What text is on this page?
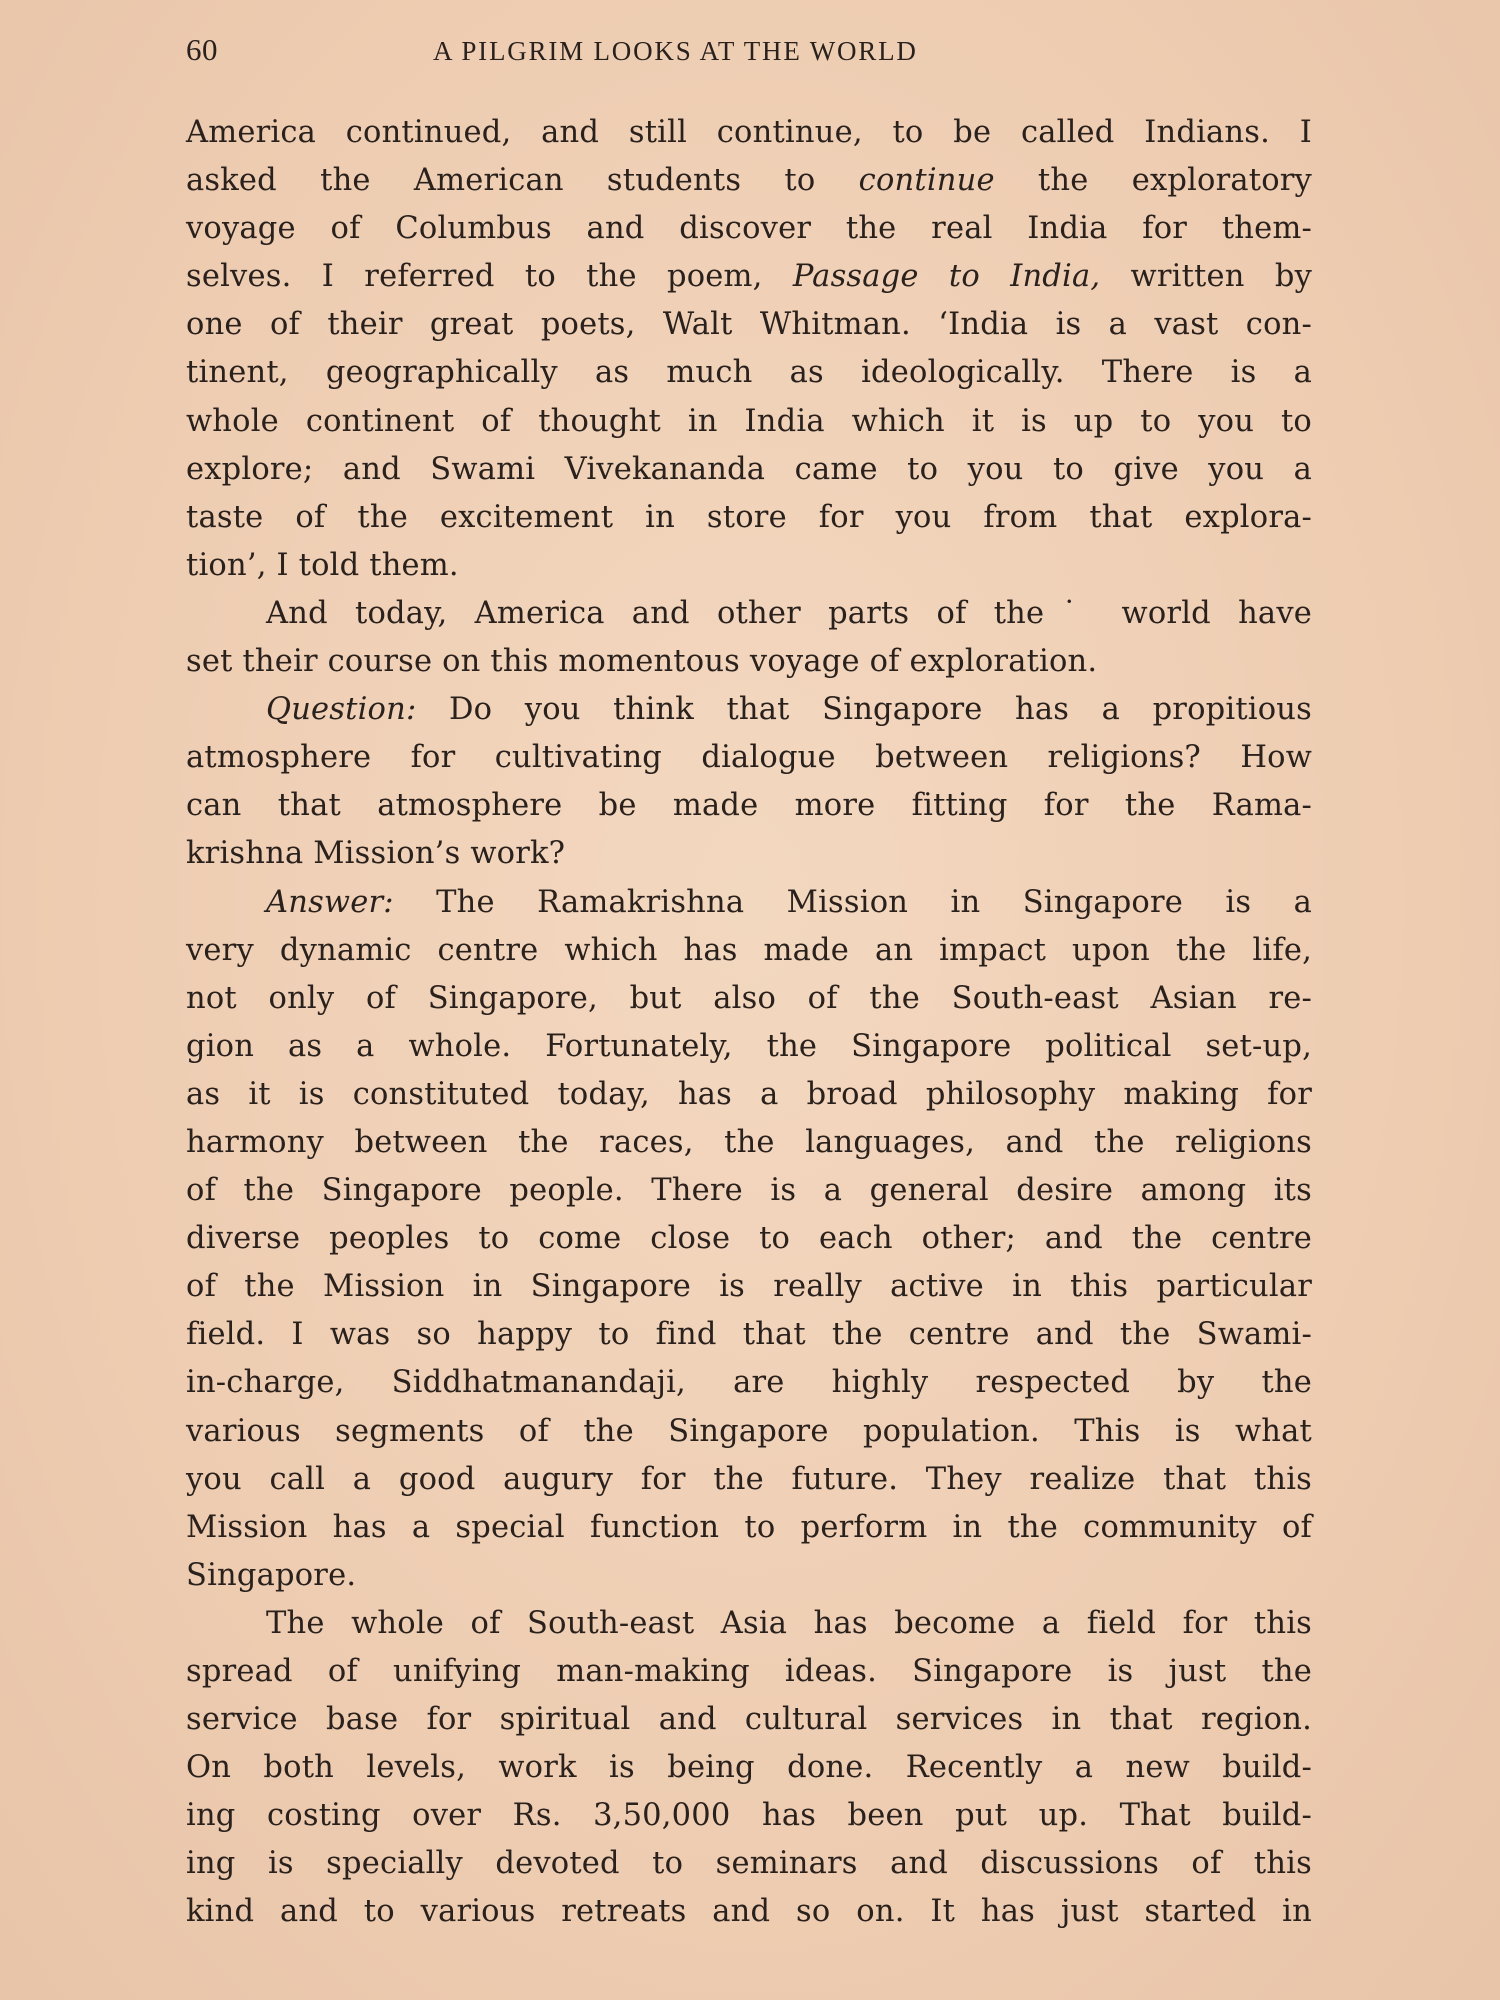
60	A PILGRIM LOOKS AT THE WORLD
America continued, and still continue, to be called Indians. I
asked the American students to continue the exploratory
voyage of Columbus and discover the real India for them-
selves. I referred to the poem, Passage to India, written by
one of their great poets, Walt Whitman. ‘India is a vast con-
tinent, geographically as much as ideologically. There is a
whole continent of thought in India which it is up to you to
explore; and Swami Vivekananda came to you to give you a
taste of the excitement in store for you from that explora-
tion’, I told them.
And today, America and other parts of the˙ world have
set their course on this momentous voyage of exploration.
Question: Do you think that Singapore has a propitious
atmosphere for cultivating dialogue between religions? How
can that atmosphere be made more fitting for the Rama-
krishna Mission’s work?
Answer: The Ramakrishna Mission in Singapore is a
very dynamic centre which has made an impact upon the life,
not only of Singapore, but also of the South-east Asian re-
gion as a whole. Fortunately, the Singapore political set-up,
as it is constituted today, has a broad philosophy making for
harmony between the races, the languages, and the religions
of the Singapore people. There is a general desire among its
diverse peoples to come close to each other; and the centre
of the Mission in Singapore is really active in this particular
field. I was so happy to find that the centre and the Swami-
in-charge, Siddhatmanandaji, are highly respected by the
various segments of the Singapore population. This is what
you call a good augury for the future. They realize that this
Mission has a special function to perform in the community of
Singapore.
The whole of South-east Asia has become a field for this
spread of unifying man-making ideas. Singapore is just the
service base for spiritual and cultural services in that region.
On both levels, work is being done. Recently a new build-
ing costing over Rs. 3,50,000 has been put up. That build-
ing is specially devoted to seminars and discussions of this
kind and to various retreats and so on. It has just started in
